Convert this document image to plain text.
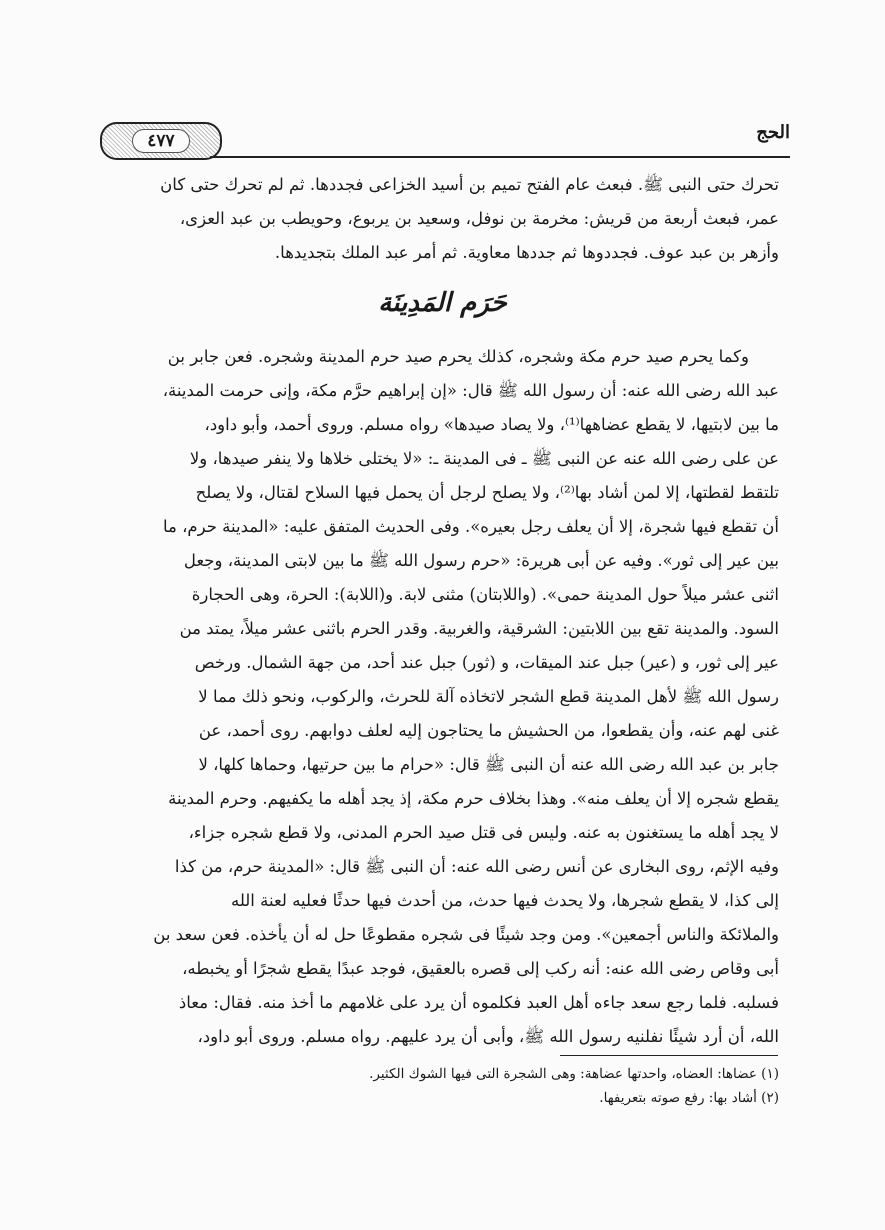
٤٧٧	الحج
تحرك حتى النبى ﷺ. فبعث عام الفتح تميم بن أسيد الخزاعى فجددها. ثم لم تحرك حتى كان
عمر، فبعث أربعة من قريش: مخرمة بن نوفل، وسعيد بن يربوع، وحويطب بن عبد العزى،
وأزهر بن عبد عوف. فجددوها ثم جددها معاوية. ثم أمر عبد الملك بتجديدها.
حَرَم المَدِينَة
وكما يحرم صيد حرم مكة وشجره، كذلك يحرم صيد حرم المدينة وشجره. فعن جابر بن
عبد الله رضى الله عنه: أن رسول الله ﷺ قال: «إن إبراهيم حرَّم مكة، وإنى حرمت المدينة،
ما بين لابتيها، لا يقطع عضاهها⁽¹⁾، ولا يصاد صيدها» رواه مسلم. وروى أحمد، وأبو داود،
عن على رضى الله عنه عن النبى ﷺ ـ فى المدينة ـ: «لا يختلى خلاها ولا ينفر صيدها، ولا
تلتقط لقطتها، إلا لمن أشاد بها⁽²⁾، ولا يصلح لرجل أن يحمل فيها السلاح لقتال، ولا يصلح
أن تقطع فيها شجرة، إلا أن يعلف رجل بعيره». وفى الحديث المتفق عليه: «المدينة حرم، ما
بين عير إلى ثور». وفيه عن أبى هريرة: «حرم رسول الله ﷺ ما بين لابتى المدينة، وجعل
اثنى عشر ميلاً حول المدينة حمى». (واللابتان) مثنى لابة. و(اللابة): الحرة، وهى الحجارة
السود. والمدينة تقع بين اللابتين: الشرقية، والغربية. وقدر الحرم باثنى عشر ميلاً، يمتد من
عير إلى ثور، و (عير) جبل عند الميقات، و (ثور) جبل عند أحد، من جهة الشمال. ورخص
رسول الله ﷺ لأهل المدينة قطع الشجر لاتخاذه آلة للحرث، والركوب، ونحو ذلك مما لا
غنى لهم عنه، وأن يقطعوا، من الحشيش ما يحتاجون إليه لعلف دوابهم. روى أحمد، عن
جابر بن عبد الله رضى الله عنه أن النبى ﷺ قال: «حرام ما بين حرتيها، وحماها كلها، لا
يقطع شجره إلا أن يعلف منه». وهذا بخلاف حرم مكة، إذ يجد أهله ما يكفيهم. وحرم المدينة
لا يجد أهله ما يستغنون به عنه. وليس فى قتل صيد الحرم المدنى، ولا قطع شجره جزاء،
وفيه الإثم، روى البخارى عن أنس رضى الله عنه: أن النبى ﷺ قال: «المدينة حرم، من كذا
إلى كذا، لا يقطع شجرها، ولا يحدث فيها حدث، من أحدث فيها حدثًا فعليه لعنة الله
والملائكة والناس أجمعين». ومن وجد شيئًا فى شجره مقطوعًا حل له أن يأخذه. فعن سعد بن
أبى وقاص رضى الله عنه: أنه ركب إلى قصره بالعقيق، فوجد عبدًا يقطع شجرًا أو يخبطه،
فسلبه. فلما رجع سعد جاءه أهل العبد فكلموه أن يرد على غلامهم ما أخذ منه. فقال: معاذ
الله، أن أرد شيئًا نفلنيه رسول الله ﷺ، وأبى أن يرد عليهم. رواه مسلم. وروى أبو داود،
(١) عضاها: العضاه، واحدتها عضاهة: وهى الشجرة التى فيها الشوك الكثير.
(٢) أشاد بها: رفع صوته بتعريفها.
